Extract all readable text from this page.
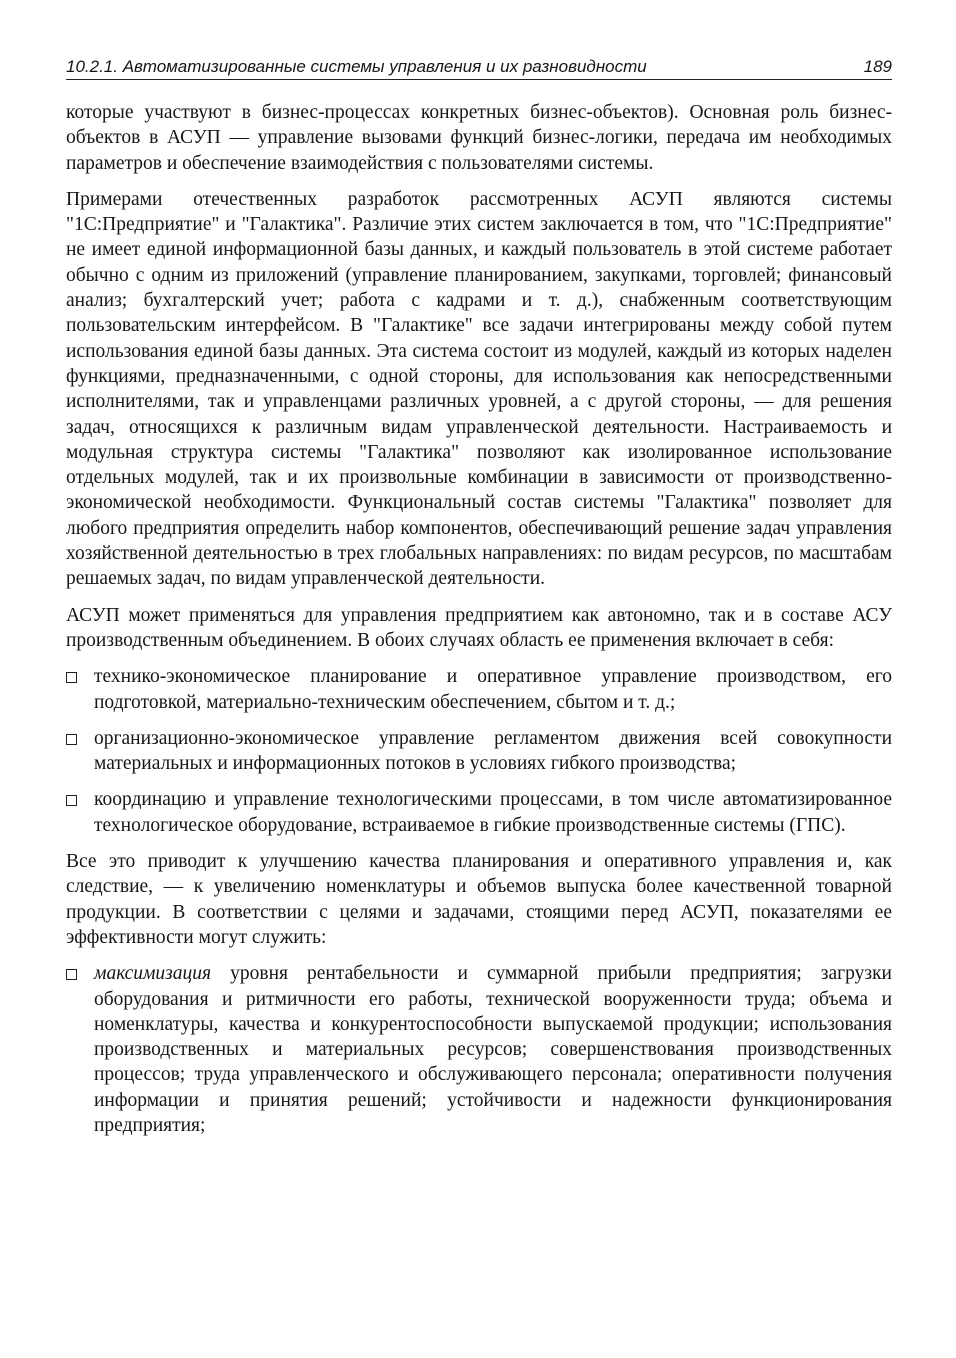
10.2.1. Автоматизированные системы управления и их разновидности	189

которые участвуют в бизнес-процессах конкретных бизнес-объектов). Основная роль бизнес-объектов в АСУП — управление вызовами функций бизнес-логики, передача им необходимых параметров и обеспечение взаимодействия с пользователями системы.

Примерами отечественных разработок рассмотренных АСУП являются системы "1С:Предприятие" и "Галактика". Различие этих систем заключается в том, что "1С:Предприятие" не имеет единой информационной базы данных, и каждый пользователь в этой системе работает обычно с одним из приложений (управление планированием, закупками, торговлей; финансовый анализ; бухгалтерский учет; работа с кадрами и т. д.), снабженным соответствующим пользовательским интерфейсом. В "Галактике" все задачи интегрированы между собой путем использования единой базы данных. Эта система состоит из модулей, каждый из которых наделен функциями, предназначенными, с одной стороны, для использования как непосредственными исполнителями, так и управленцами различных уровней, а с другой стороны, — для решения задач, относящихся к различным видам управленческой деятельности. Настраиваемость и модульная структура системы "Галактика" позволяют как изолированное использование отдельных модулей, так и их произвольные комбинации в зависимости от производственно-экономической необходимости. Функциональный состав системы "Галактика" позволяет для любого предприятия определить набор компонентов, обеспечивающий решение задач управления хозяйственной деятельностью в трех глобальных направлениях: по видам ресурсов, по масштабам решаемых задач, по видам управленческой деятельности.

АСУП может применяться для управления предприятием как автономно, так и в составе АСУ производственным объединением. В обоих случаях область ее применения включает в себя:

технико-экономическое планирование и оперативное управление производством, его подготовкой, материально-техническим обеспечением, сбытом и т. д.;
организационно-экономическое управление регламентом движения всей совокупности материальных и информационных потоков в условиях гибкого производства;
координацию и управление технологическими процессами, в том числе автоматизированное технологическое оборудование, встраиваемое в гибкие производственные системы (ГПС).

Все это приводит к улучшению качества планирования и оперативного управления и, как следствие, — к увеличению номенклатуры и объемов выпуска более качественной товарной продукции. В соответствии с целями и задачами, стоящими перед АСУП, показателями ее эффективности могут служить:

максимизация уровня рентабельности и суммарной прибыли предприятия; загрузки оборудования и ритмичности его работы, технической вооруженности труда; объема и номенклатуры, качества и конкурентоспособности выпускаемой продукции; использования производственных и материальных ресурсов; совершенствования производственных процессов; труда управленческого и обслуживающего персонала; оперативности получения информации и принятия решений; устойчивости и надежности функционирования предприятия;
